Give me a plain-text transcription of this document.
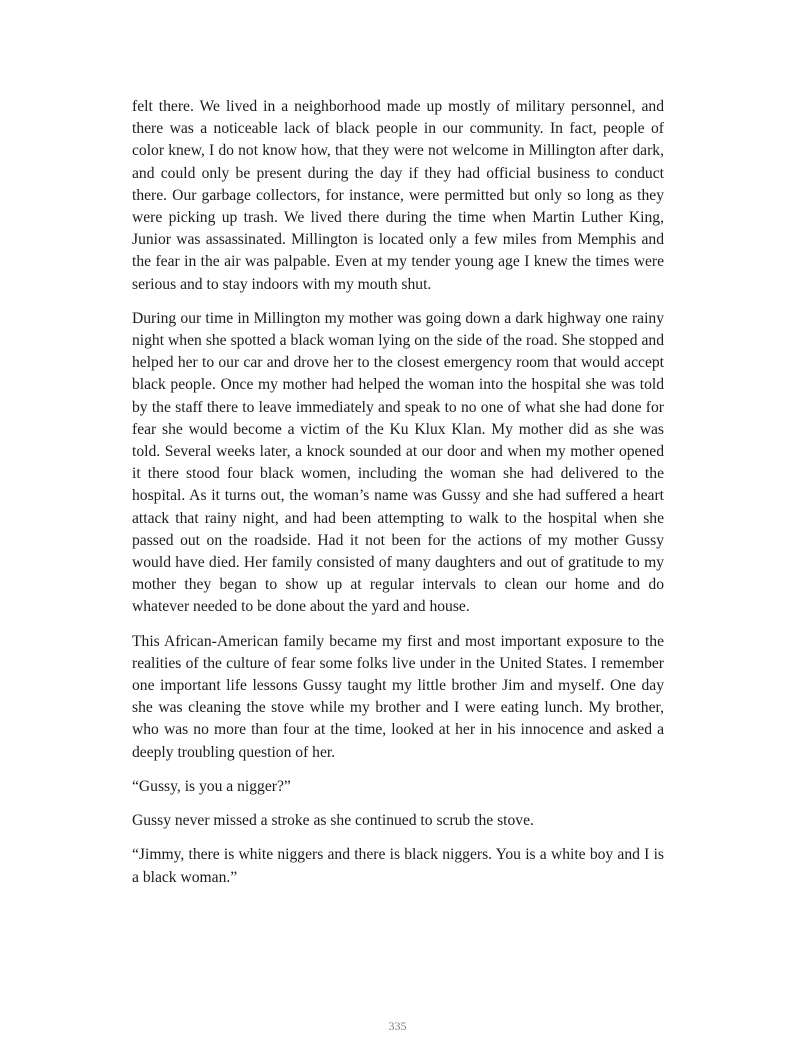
felt there. We lived in a neighborhood made up mostly of military personnel, and there was a noticeable lack of black people in our community. In fact, people of color knew, I do not know how, that they were not welcome in Millington after dark, and could only be present during the day if they had official business to conduct there. Our garbage collectors, for instance, were permitted but only so long as they were picking up trash. We lived there during the time when Martin Luther King, Junior was assassinated. Millington is located only a few miles from Memphis and the fear in the air was palpable. Even at my tender young age I knew the times were serious and to stay indoors with my mouth shut.

During our time in Millington my mother was going down a dark highway one rainy night when she spotted a black woman lying on the side of the road. She stopped and helped her to our car and drove her to the closest emergency room that would accept black people. Once my mother had helped the woman into the hospital she was told by the staff there to leave immediately and speak to no one of what she had done for fear she would become a victim of the Ku Klux Klan. My mother did as she was told. Several weeks later, a knock sounded at our door and when my mother opened it there stood four black women, including the woman she had delivered to the hospital. As it turns out, the woman’s name was Gussy and she had suffered a heart attack that rainy night, and had been attempting to walk to the hospital when she passed out on the roadside. Had it not been for the actions of my mother Gussy would have died. Her family consisted of many daughters and out of gratitude to my mother they began to show up at regular intervals to clean our home and do whatever needed to be done about the yard and house.

This African-American family became my first and most important exposure to the realities of the culture of fear some folks live under in the United States. I remember one important life lessons Gussy taught my little brother Jim and myself. One day she was cleaning the stove while my brother and I were eating lunch. My brother, who was no more than four at the time, looked at her in his innocence and asked a deeply troubling question of her.

“Gussy, is you a nigger?”

Gussy never missed a stroke as she continued to scrub the stove.

“Jimmy, there is white niggers and there is black niggers. You is a white boy and I is a black woman.”

335
